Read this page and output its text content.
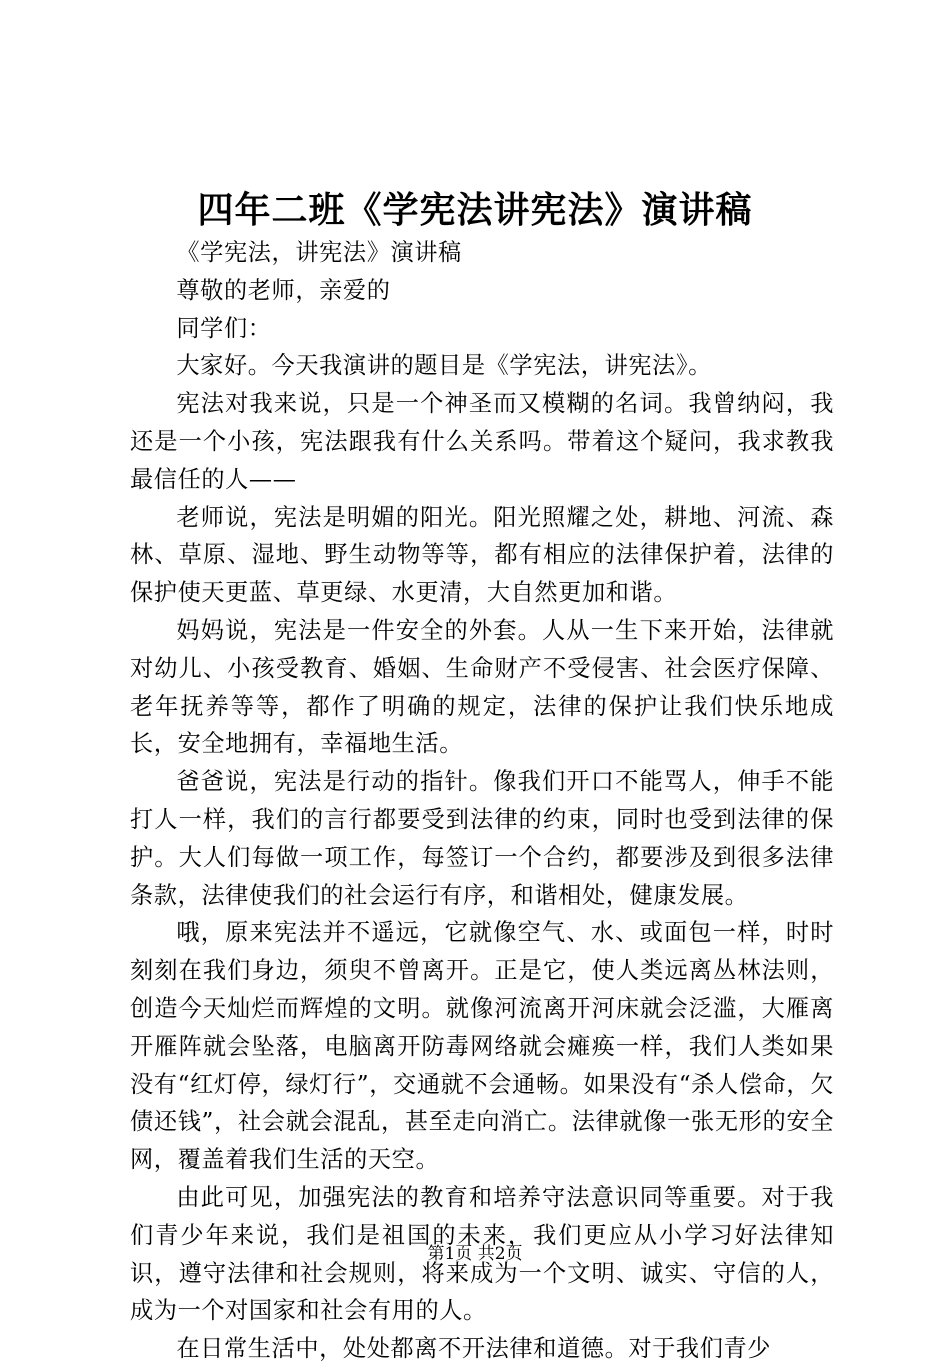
四年二班《学宪法讲宪法》演讲稿

《学宪法，讲宪法》演讲稿

尊敬的老师，亲爱的

同学们：

大家好。今天我演讲的题目是《学宪法，讲宪法》。

宪法对我来说，只是一个神圣而又模糊的名词。我曾纳闷，我还是一个小孩，宪法跟我有什么关系吗。带着这个疑问，我求教我最信任的人——

老师说，宪法是明媚的阳光。阳光照耀之处，耕地、河流、森林、草原、湿地、野生动物等等，都有相应的法律保护着，法律的保护使天更蓝、草更绿、水更清，大自然更加和谐。

妈妈说，宪法是一件安全的外套。人从一生下来开始，法律就对幼儿、小孩受教育、婚姻、生命财产不受侵害、社会医疗保障、老年抚养等等，都作了明确的规定，法律的保护让我们快乐地成长，安全地拥有，幸福地生活。

爸爸说，宪法是行动的指针。像我们开口不能骂人，伸手不能打人一样，我们的言行都要受到法律的约束，同时也受到法律的保护。大人们每做一项工作，每签订一个合约，都要涉及到很多法律条款，法律使我们的社会运行有序，和谐相处，健康发展。

哦，原来宪法并不遥远，它就像空气、水、或面包一样，时时刻刻在我们身边，须臾不曾离开。正是它，使人类远离丛林法则，创造今天灿烂而辉煌的文明。就像河流离开河床就会泛滥，大雁离开雁阵就会坠落，电脑离开防毒网络就会瘫痪一样，我们人类如果没有“红灯停，绿灯行”，交通就不会通畅。如果没有“杀人偿命，欠债还钱”，社会就会混乱，甚至走向消亡。法律就像一张无形的安全网，覆盖着我们生活的天空。

由此可见，加强宪法的教育和培养守法意识同等重要。对于我们青少年来说，我们是祖国的未来，我们更应从小学习好法律知识，遵守法律和社会规则，将来成为一个文明、诚实、守信的人，成为一个对国家和社会有用的人。

在日常生活中，处处都离不开法律和道德。对于我们青少

第1页 共2页
